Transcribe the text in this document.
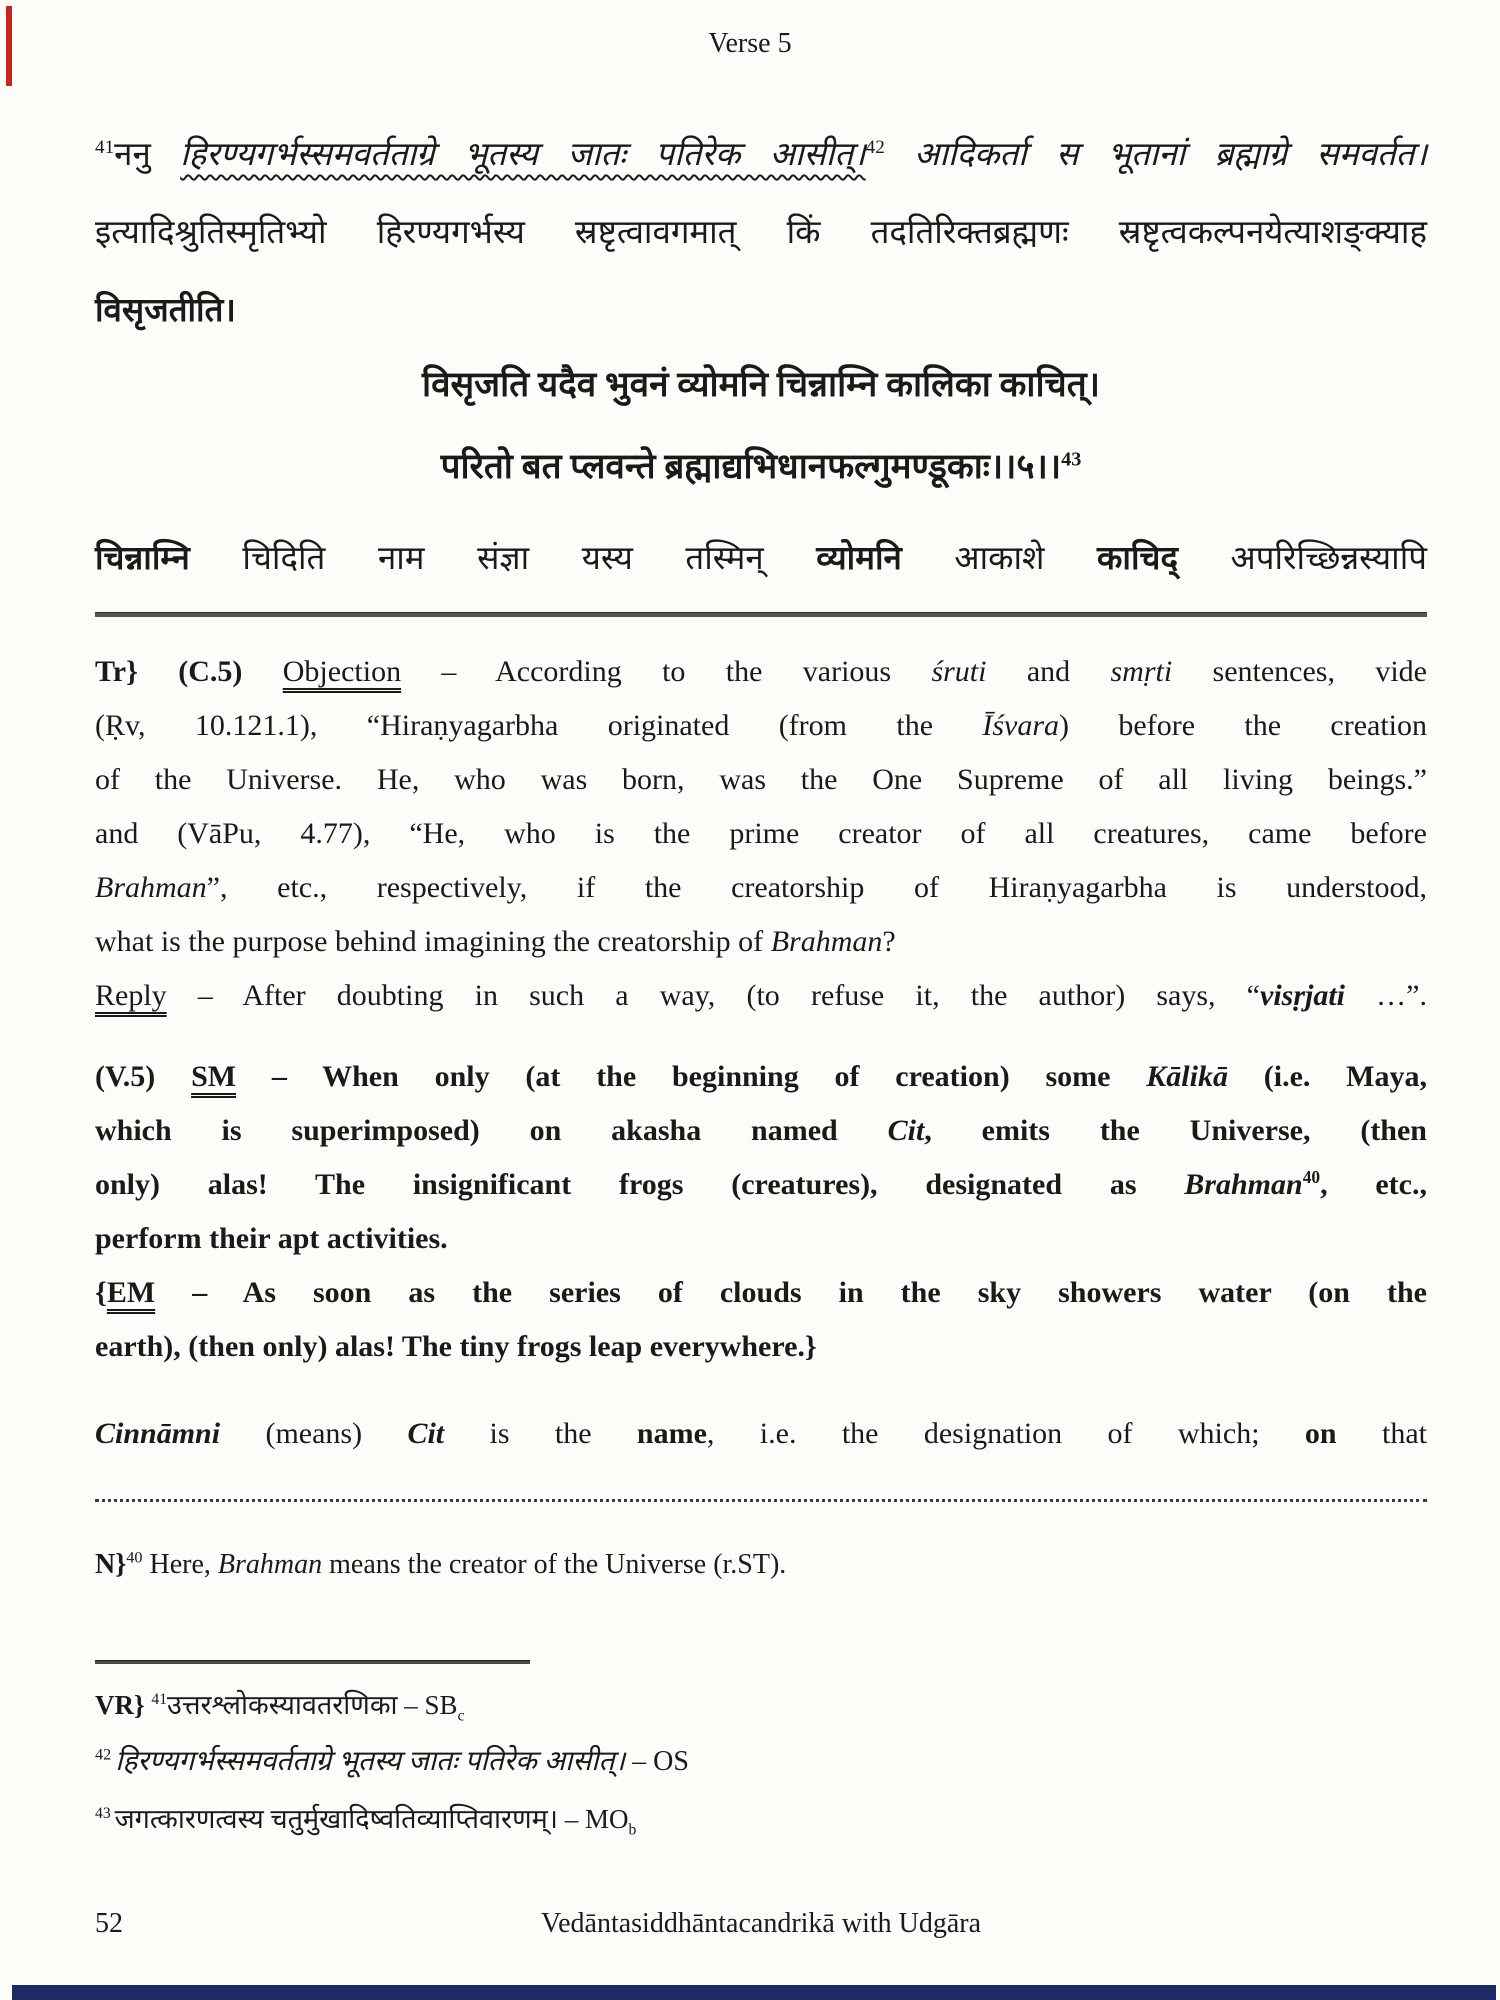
Verse 5
$^{41}$ननु हिरण्यगर्भस्समवर्तताग्रे भूतस्य जातः पतिरेक आसीत्।$^{42}$ आदिकर्ता स भूतानां ब्रह्माग्रे समवर्तत।
इत्यादिश्रुतिस्मृतिभ्यो हिरण्यगर्भस्य स्रष्टृत्वावगमात् किं तदतिरिक्तब्रह्मणः स्रष्टृत्वकल्पनयेत्याशङ्क्याह
विसृजतीति।
विसृजति यदैव भुवनं व्योमनि चिन्नाम्नि कालिका काचित्।
परितो बत प्लवन्ते ब्रह्माद्यभिधानफल्गुमण्डूकाः।।५।।$^{43}$
चिन्नाम्नि चिदिति नाम संज्ञा यस्य तस्मिन् व्योमनि आकाशे काचिद् अपरिच्छिन्नस्यापि
Tr} (C.5) Objection – According to the various śruti and smṛti sentences, vide
(Ṛv, 10.121.1), “Hiraṇyagarbha originated (from the Īśvara) before the creation
of the Universe. He, who was born, was the One Supreme of all living beings.”
and (VāPu, 4.77), “He, who is the prime creator of all creatures, came before
Brahman”, etc., respectively, if the creatorship of Hiraṇyagarbha is understood,
what is the purpose behind imagining the creatorship of Brahman?
Reply – After doubting in such a way, (to refuse it, the author) says, “visṛjati …”.
(V.5) SM – When only (at the beginning of creation) some Kālikā (i.e. Maya,
which is superimposed) on akasha named Cit, emits the Universe, (then
only) alas! The insignificant frogs (creatures), designated as Brahman$^{40}$, etc.,
perform their apt activities.
{EM – As soon as the series of clouds in the sky showers water (on the
earth), (then only) alas! The tiny frogs leap everywhere.}
Cinnāmni (means) Cit is the name, i.e. the designation of which; on that
N}$^{40}$ Here, Brahman means the creator of the Universe (r.ST).
VR} $^{41}$उत्तरश्लोकस्यावतरणिका – $SB_c$
$^{42}$ हिरण्यगर्भस्समवर्तताग्रे भूतस्य जातः पतिरेक आसीत्। – OS
$^{43}$ जगत्कारणत्वस्य चतुर्मुखादिष्वतिव्याप्तिवारणम्। – $MO_b$
52	Vedāntasiddhāntacandrikā with Udgāra
